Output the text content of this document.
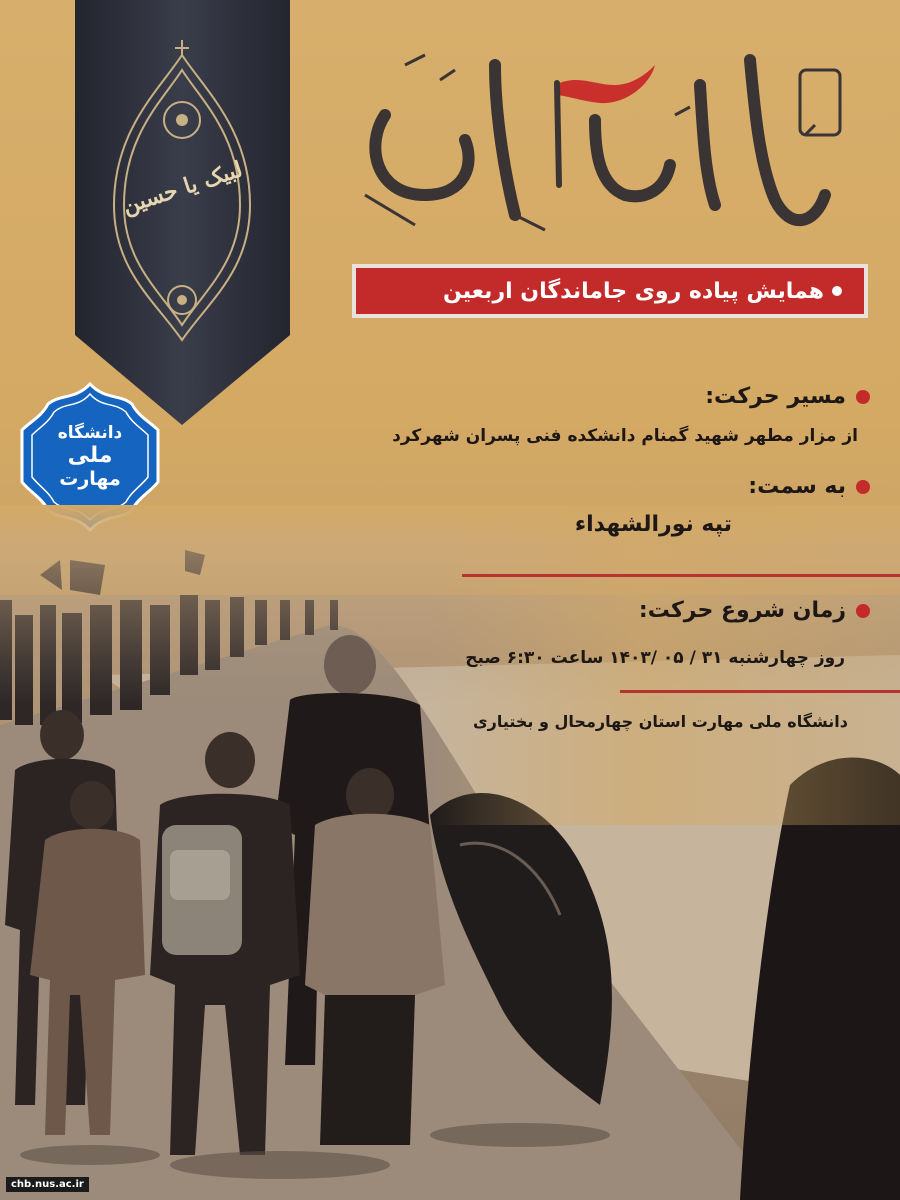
لبیک یا حسین
همایش پیاده روی جاماندگان اربعین
دانشگاه
ملی
مهارت
مسیر حرکت:
از مزار مطهر شهید گمنام دانشکده فنی پسران شهرکرد
به سمت:
تپه نورالشهداء
زمان شروع حرکت:
روز چهارشنبه ۳۱ / ۰۵ /۱۴۰۳ ساعت ۶:۳۰ صبح
دانشگاه ملی مهارت استان چهارمحال و بختیاری
chb.nus.ac.ir
